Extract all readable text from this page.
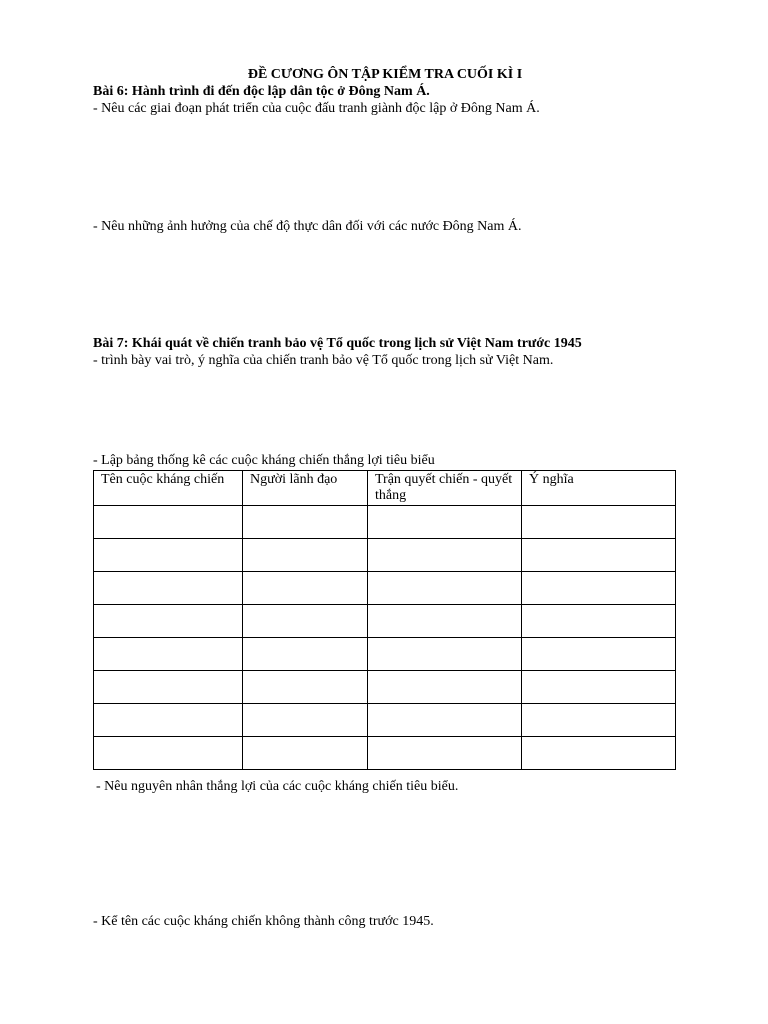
ĐỀ CƯƠNG ÔN TẬP KIỂM TRA CUỐI KÌ I
Bài 6: Hành trình đi đến độc lập dân tộc ở Đông Nam Á.
- Nêu các giai đoạn phát triển của cuộc đấu tranh giành độc lập ở Đông Nam Á.
- Nêu những ảnh hưởng của chế độ thực dân đối với các nước Đông Nam Á.
Bài 7: Khái quát về chiến tranh bảo vệ Tổ quốc trong lịch sử Việt Nam trước 1945
- trình bày vai trò, ý nghĩa của chiến tranh bảo vệ Tổ quốc trong lịch sử Việt Nam.
- Lập bảng thống kê các cuộc kháng chiến thắng lợi tiêu biểu
Tên cuộc kháng chiến	Người lãnh đạo	Trận quyết chiến - quyết thắng	Ý nghĩa

- Nêu nguyên nhân thắng lợi của các cuộc kháng chiến tiêu biểu.
- Kể tên các cuộc kháng chiến không thành công trước 1945.
